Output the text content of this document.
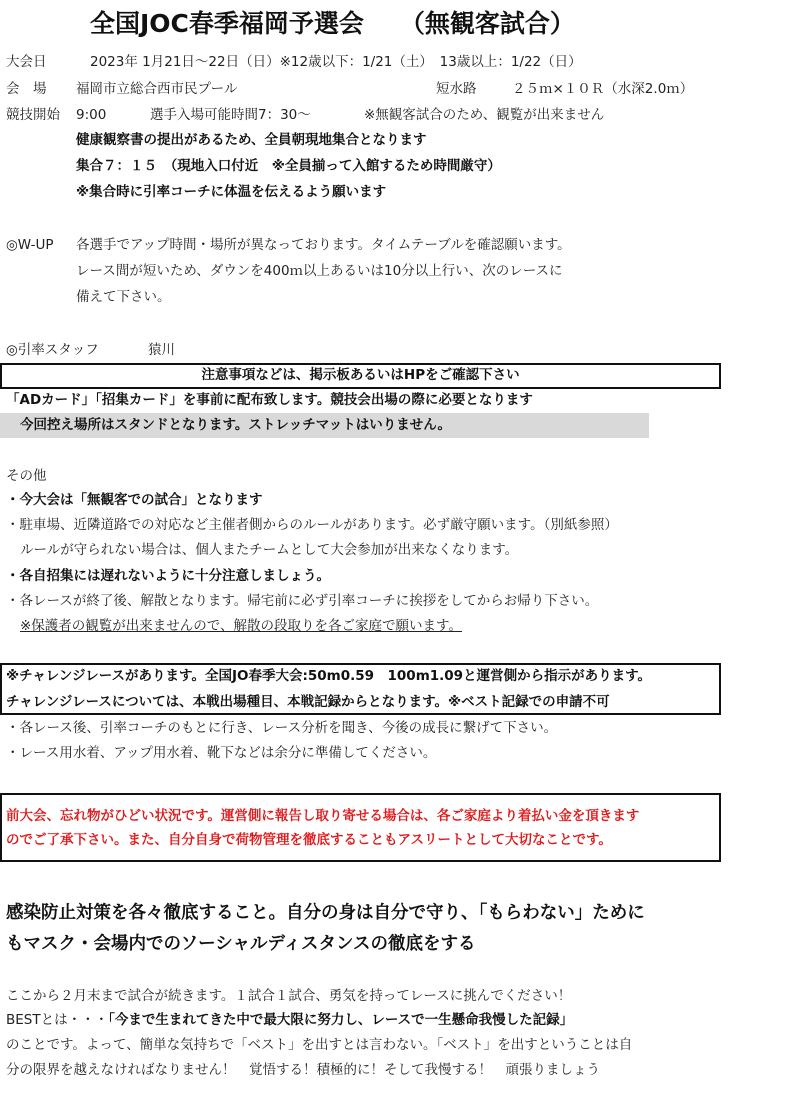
全国JOC春季福岡予選会 （無観客試合）
大会日	2023年 1月21日〜22日（日）※12歳以下：1/21（土）　13歳以上：1/22（日）
会　場 福岡市立総合西市民プール	短水路	２５ｍ×１０Ｒ（水深2.0ｍ）
競技開始 9:00	選手入場可能時間7：30〜	※無観客試合のため、観覧が出来ません
健康観察書の提出があるため、全員朝現地集合となります
集合７：１５　（現地入口付近　※全員揃って入館するため時間厳守）
※集合時に引率コーチに体温を伝えるよう願います
◎W-UP 各選手でアップ時間・場所が異なっております。タイムテーブルを確認願います。
レース間が短いため、ダウンを400ｍ以上あるいは10分以上行い、次のレースに
備えて下さい。
◎引率スタッフ	猿川
注意事項などは、掲示板あるいはHPをご確認下さい
「ADカード」「招集カード」を事前に配布致します。競技会出場の際に必要となります
今回控え場所はスタンドとなります。ストレッチマットはいりません。
その他
・今大会は「無観客での試合」となります
・駐車場、近隣道路での対応など主催者側からのルールがあります。必ず厳守願います。（別紙参照）
ルールが守られない場合は、個人またチームとして大会参加が出来なくなります。
・各自招集には遅れないように十分注意しましょう。
・各レースが終了後、解散となります。帰宅前に必ず引率コーチに挨拶をしてからお帰り下さい。
※保護者の観覧が出来ませんので、解散の段取りを各ご家庭で願います。
※チャレンジレースがあります。全国JO春季大会:50m0.59　100m1.09と運営側から指示があります。
チャレンジレースについては、本戦出場種目、本戦記録からとなります。※ベスト記録での申請不可
・各レース後、引率コーチのもとに行き、レース分析を聞き、今後の成長に繋げて下さい。
・レース用水着、アップ用水着、靴下などは余分に準備してください。
前大会、忘れ物がひどい状況です。運営側に報告し取り寄せる場合は、各ご家庭より着払い金を頂きます
のでご了承下さい。また、自分自身で荷物管理を徹底することもアスリートとして大切なことです。
感染防止対策を各々徹底すること。自分の身は自分で守り、「もらわない」ために
もマスク・会場内でのソーシャルディスタンスの徹底をする
ここから２月末まで試合が続きます。１試合１試合、勇気を持ってレースに挑んでください！
BESTとは・・・「今まで生まれてきた中で最大限に努力し、レースで一生懸命我慢した記録」
のことです。よって、簡単な気持ちで「ベスト」を出すとは言わない。「ベスト」を出すということは自
分の限界を越えなければなりません！　覚悟する！積極的に！そして我慢する！　頑張りましょう
